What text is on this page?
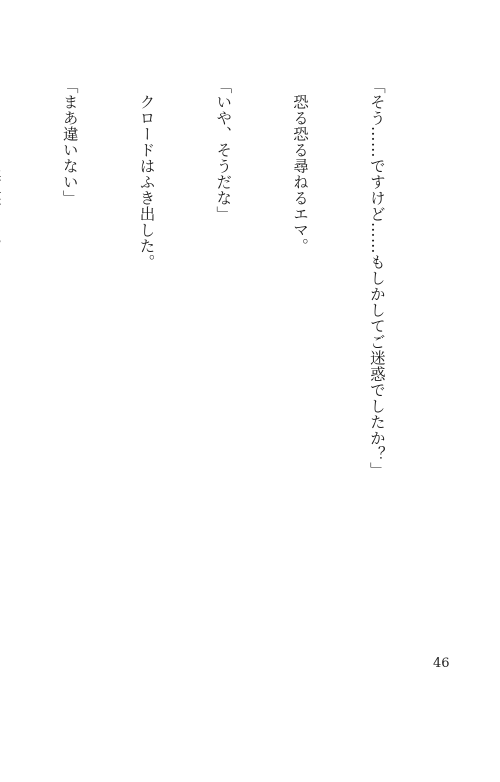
「そう……ですけど……もしかしてご迷惑でしたか？」

　恐る恐る尋ねるエマ。

「いや、そうだな」

　クロードはふき出した。

「まあ違いない」

46
